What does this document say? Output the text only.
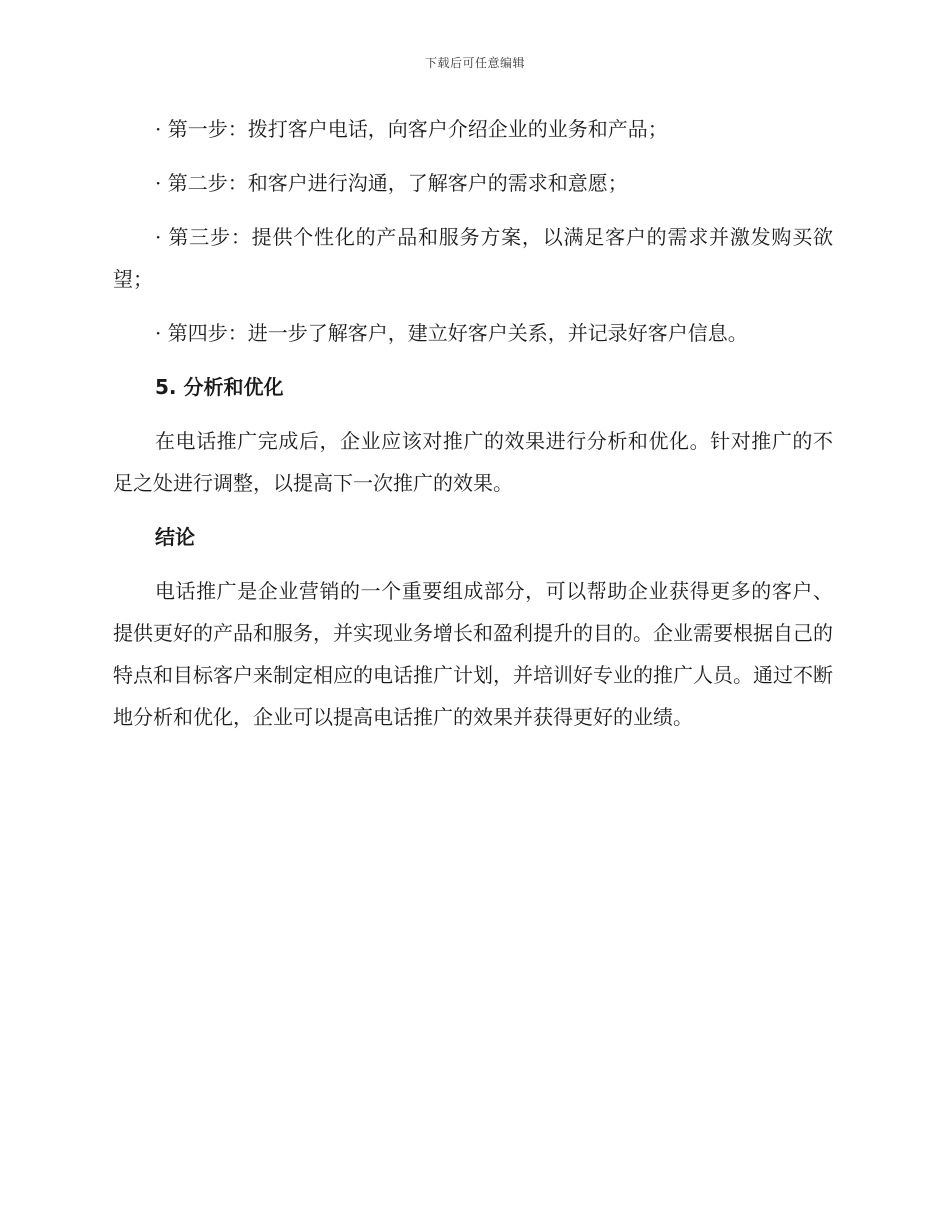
下载后可任意编辑

· 第一步：拨打客户电话，向客户介绍企业的业务和产品；

· 第二步：和客户进行沟通，了解客户的需求和意愿；

· 第三步：提供个性化的产品和服务方案，以满足客户的需求并激发购买欲望；

· 第四步：进一步了解客户，建立好客户关系，并记录好客户信息。

5. 分析和优化

在电话推广完成后，企业应该对推广的效果进行分析和优化。针对推广的不足之处进行调整，以提高下一次推广的效果。

结论

电话推广是企业营销的一个重要组成部分，可以帮助企业获得更多的客户、提供更好的产品和服务，并实现业务增长和盈利提升的目的。企业需要根据自己的特点和目标客户来制定相应的电话推广计划，并培训好专业的推广人员。通过不断地分析和优化，企业可以提高电话推广的效果并获得更好的业绩。
